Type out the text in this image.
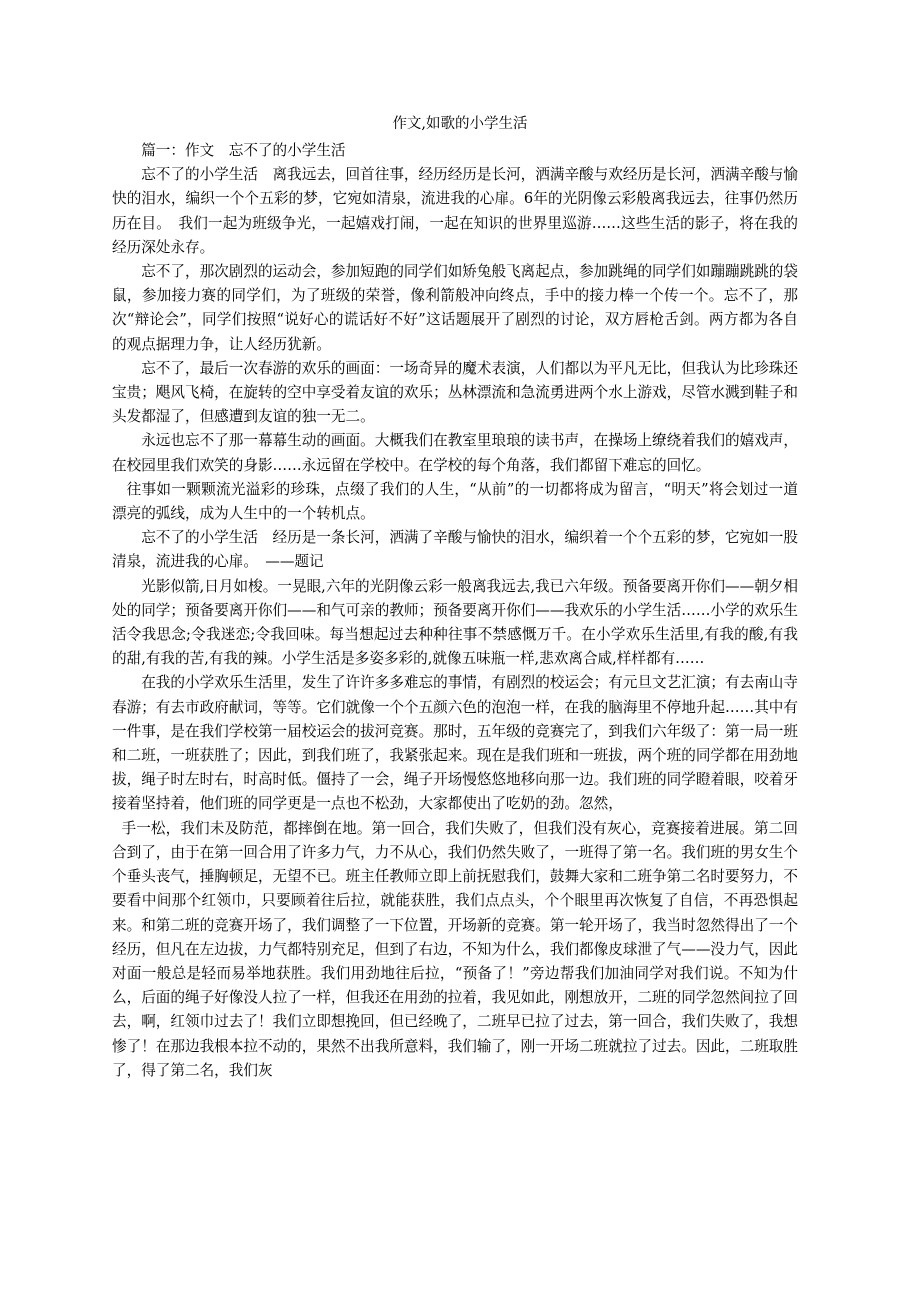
作文,如歌的小学生活

篇一：作文　忘不了的小学生活

忘不了的小学生活　离我远去，回首往事，经历经历是长河，洒满辛酸与欢经历是长河，洒满辛酸与愉快的泪水，编织一个个五彩的梦，它宛如清泉，流进我的心扉。6年的光阴像云彩般离我远去，往事仍然历历在目。　我们一起为班级争光，一起嬉戏打闹，一起在知识的世界里巡游……这些生活的影子，将在我的经历深处永存。

忘不了，那次剧烈的运动会，参加短跑的同学们如矫兔般飞离起点，参加跳绳的同学们如蹦蹦跳跳的袋鼠，参加接力赛的同学们，为了班级的荣誉，像利箭般冲向终点，手中的接力棒一个传一个。忘不了，那次“辩论会”，同学们按照“说好心的谎话好不好”这话题展开了剧烈的讨论，双方唇枪舌剑。两方都为各自的观点据理力争，让人经历犹新。

忘不了，最后一次春游的欢乐的画面：一场奇异的魔术表演，人们都以为平凡无比，但我认为比珍珠还宝贵；飓风飞椅，在旋转的空中享受着友谊的欢乐；丛林漂流和急流勇进两个水上游戏，尽管水溅到鞋子和头发都湿了，但感遭到友谊的独一无二。

永远也忘不了那一幕幕生动的画面。大概我们在教室里琅琅的读书声，在操场上缭绕着我们的嬉戏声，在校园里我们欢笑的身影……永远留在学校中。在学校的每个角落，我们都留下难忘的回忆。

往事如一颗颗流光溢彩的珍珠，点缀了我们的人生，“从前”的一切都将成为留言，“明天”将会划过一道漂亮的弧线，成为人生中的一个转机点。

忘不了的小学生活　经历是一条长河，洒满了辛酸与愉快的泪水，编织着一个个五彩的梦，它宛如一股清泉，流进我的心扉。　——题记

光影似箭,日月如梭。一晃眼,六年的光阴像云彩一般离我远去,我已六年级。预备要离开你们——朝夕相处的同学；预备要离开你们——和气可亲的教师；预备要离开你们——我欢乐的小学生活……小学的欢乐生活令我思念;令我迷恋;令我回味。每当想起过去种种往事不禁感慨万千。在小学欢乐生活里,有我的酸,有我的甜,有我的苦,有我的辣。小学生活是多姿多彩的,就像五味瓶一样,悲欢离合咸,样样都有……

在我的小学欢乐生活里，发生了许许多多难忘的事情，有剧烈的校运会；有元旦文艺汇演；有去南山寺春游；有去市政府献词，等等。它们就像一个个五颜六色的泡泡一样，在我的脑海里不停地升起……其中有一件事，是在我们学校第一届校运会的拔河竞赛。那时，五年级的竞赛完了，到我们六年级了：第一局一班和二班，一班获胜了；因此，到我们班了，我紧张起来。现在是我们班和一班拔，两个班的同学都在用劲地拔，绳子时左时右，时高时低。僵持了一会，绳子开场慢悠悠地移向那一边。我们班的同学瞪着眼，咬着牙接着坚持着，他们班的同学更是一点也不松劲，大家都使出了吃奶的劲。忽然，

手一松，我们未及防范，都摔倒在地。第一回合，我们失败了，但我们没有灰心，竞赛接着进展。第二回合到了，由于在第一回合用了许多力气，力不从心，我们仍然失败了，一班得了第一名。我们班的男女生个个垂头丧气，捶胸顿足，无望不已。班主任教师立即上前抚慰我们，鼓舞大家和二班争第二名时要努力，不要看中间那个红领巾，只要顾着往后拉，就能获胜，我们点点头，个个眼里再次恢复了自信，不再恐惧起来。和第二班的竞赛开场了，我们调整了一下位置，开场新的竞赛。第一轮开场了，我当时忽然得出了一个经历，但凡在左边拔，力气都特别充足，但到了右边，不知为什么，我们都像皮球泄了气——没力气，因此对面一般总是轻而易举地获胜。我们用劲地往后拉，“预备了！”旁边帮我们加油同学对我们说。不知为什么，后面的绳子好像没人拉了一样，但我还在用劲的拉着，我见如此，刚想放开，二班的同学忽然间拉了回去，啊，红领巾过去了！我们立即想挽回，但已经晚了，二班早已拉了过去，第一回合，我们失败了，我想 惨了！在那边我根本拉不动的，果然不出我所意料，我们输了，刚一开场二班就拉了过去。因此，二班取胜了，得了第二名，我们灰
